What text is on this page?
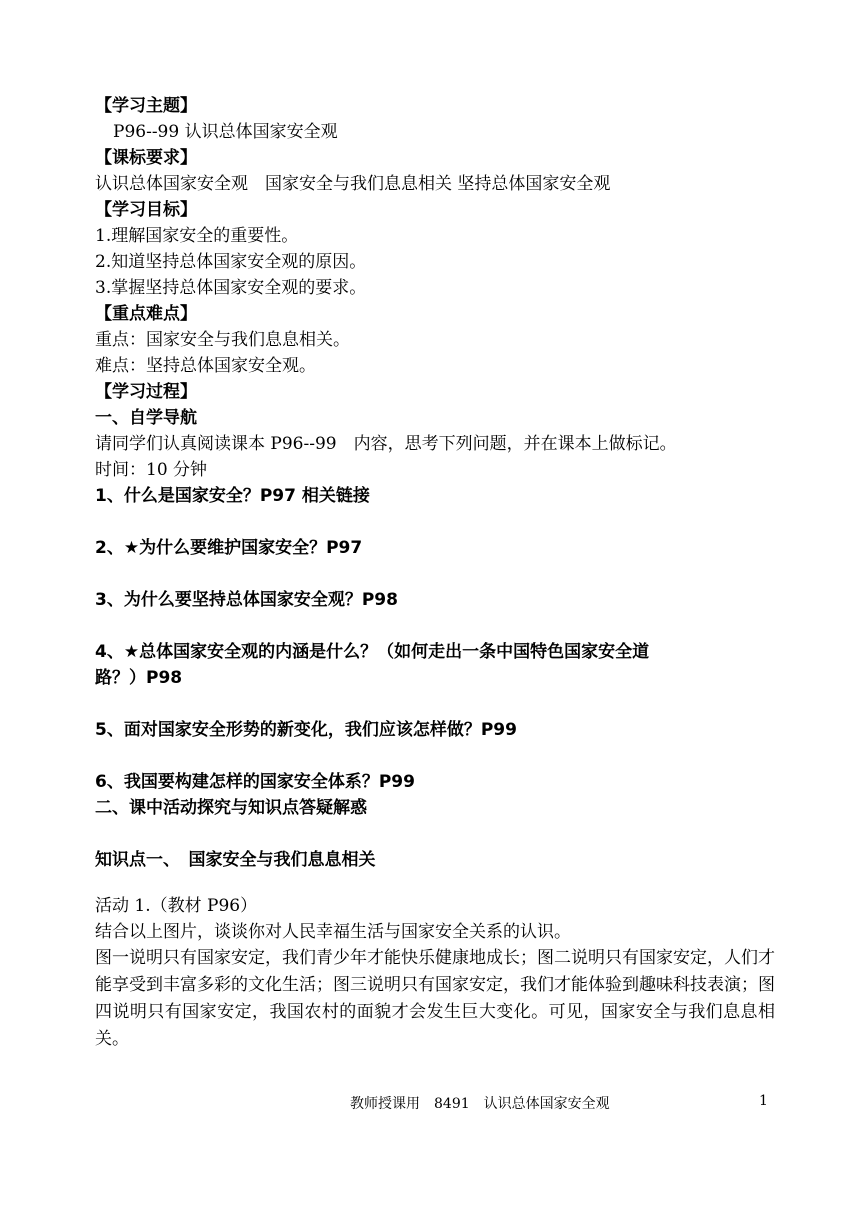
【学习主题】
P96--99 认识总体国家安全观
【课标要求】
认识总体国家安全观　国家安全与我们息息相关 坚持总体国家安全观
【学习目标】
1.理解国家安全的重要性。
2.知道坚持总体国家安全观的原因。
3.掌握坚持总体国家安全观的要求。
【重点难点】
重点：国家安全与我们息息相关。
难点：坚持总体国家安全观。
【学习过程】
一、自学导航
请同学们认真阅读课本 P96--99　内容，思考下列问题，并在课本上做标记。
时间：10 分钟
1、什么是国家安全？P97 相关链接
2、★为什么要维护国家安全？P97
3、为什么要坚持总体国家安全观？P98
4、★总体国家安全观的内涵是什么？（如何走出一条中国特色国家安全道
路？）P98
5、面对国家安全形势的新变化，我们应该怎样做？P99
6、我国要构建怎样的国家安全体系？P99
二、课中活动探究与知识点答疑解惑
知识点一、　国家安全与我们息息相关
活动 1.（教材 P96）
结合以上图片，谈谈你对人民幸福生活与国家安全关系的认识。
图一说明只有国家安定，我们青少年才能快乐健康地成长；图二说明只有国家安定，人们才能享受到丰富多彩的文化生活；图三说明只有国家安定，我们才能体验到趣味科技表演；图四说明只有国家安定，我国农村的面貌才会发生巨大变化。可见，国家安全与我们息息相关。
教师授课用　8491　认识总体国家安全观	1
